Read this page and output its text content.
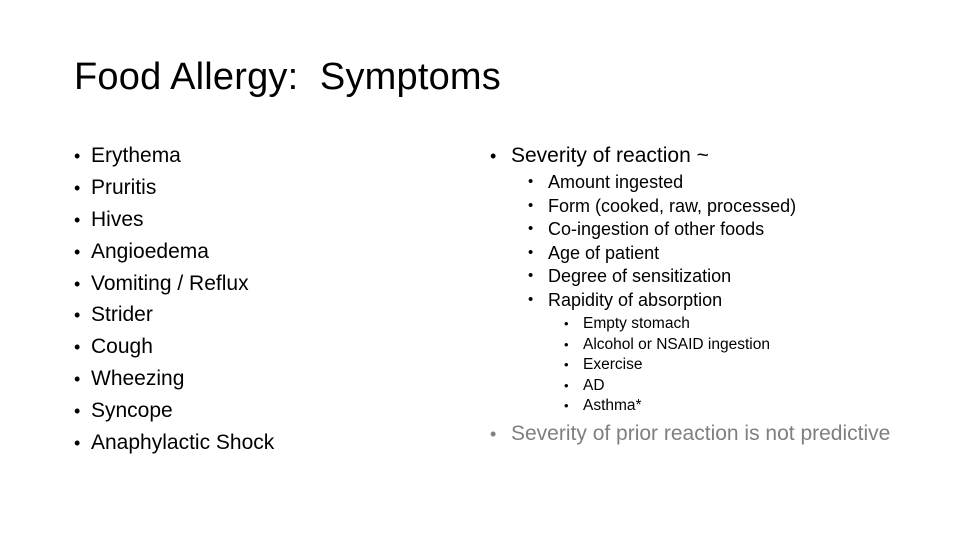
Food Allergy:  Symptoms
• Erythema
• Pruritis
• Hives
• Angioedema
• Vomiting / Reflux
• Strider
• Cough
• Wheezing
• Syncope
• Anaphylactic Shock
• Severity of reaction ~
• Amount ingested
• Form (cooked, raw, processed)
• Co-ingestion of other foods
• Age of patient
• Degree of sensitization
• Rapidity of absorption
• Empty stomach
• Alcohol or NSAID ingestion
• Exercise
• AD
• Asthma*
• Severity of prior reaction is not predictive
